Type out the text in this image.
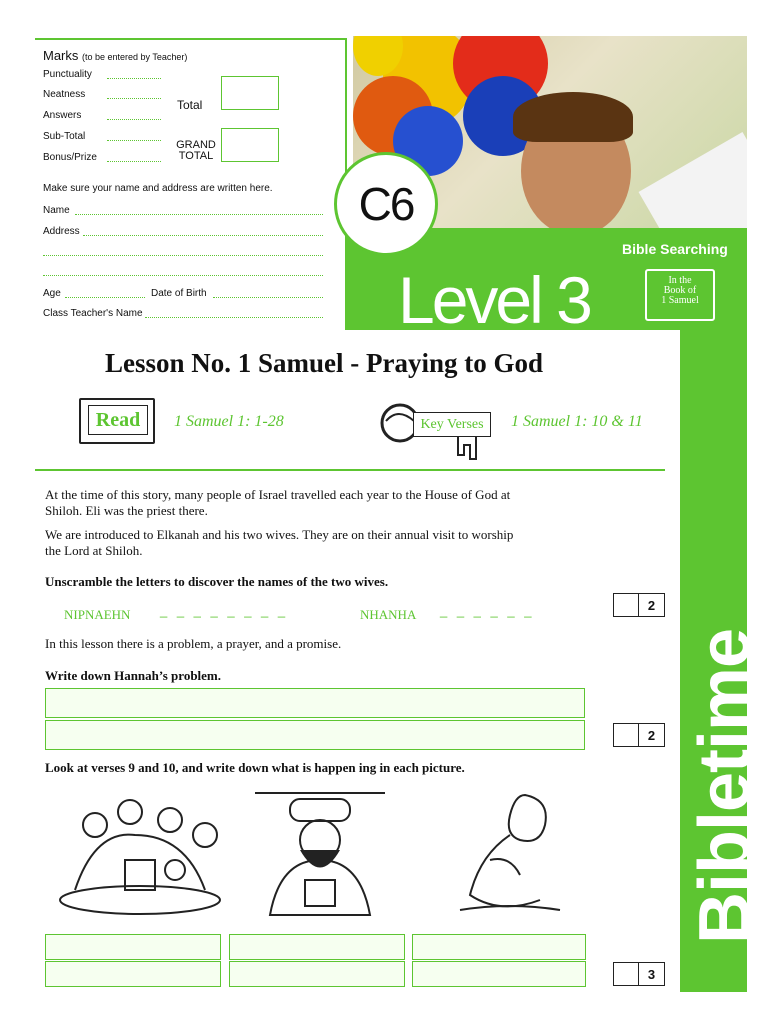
Marks (to be entered by Teacher)
Punctuality
Neatness
Answers
Sub-Total
Bonus/Prize
Total
GRAND
TOTAL
Make sure your name and address are written here.
Name
Address
Age	Date of Birth
Class Teacher's Name
C6
Bible Searching
Level 3	In the
Book of
1 Samuel
Bibletime
Lesson No. 1 Samuel - Praying to God
Read	1 Samuel 1: 1-28	Key Verses	1 Samuel 1: 10 & 11
At the time of this story, many people of Israel travelled each year to the House of God at
Shiloh. Eli was the priest there.
We are introduced to Elkanah and his two wives. They are on their annual visit to worship
the Lord at Shiloh.
Unscramble the letters to discover the names of the two wives.
NIPNAEHN _ _ _ _ _ _ _ _	NHANHA _ _ _ _ _ _	2
In this lesson there is a problem, a prayer, and a promise.
Write down Hannah’s problem.
2
Look at verses 9 and 10, and write down what is happen ing in each picture.
3
